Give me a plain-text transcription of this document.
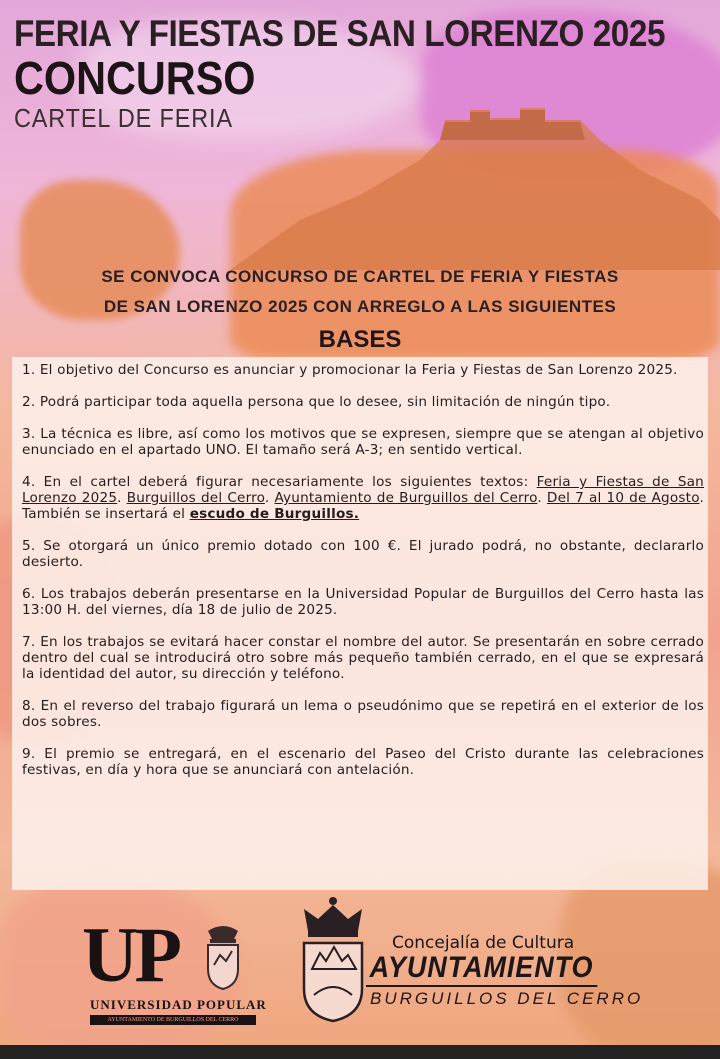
FERIA Y FIESTAS DE SAN LORENZO 2025
CONCURSO
CARTEL DE FERIA
SE CONVOCA CONCURSO DE CARTEL DE FERIA Y FIESTAS
DE SAN LORENZO 2025 CON ARREGLO A LAS SIGUIENTES
BASES

1. El objetivo del Concurso es anunciar y promocionar la Feria y Fiestas de San Lorenzo 2025.

2. Podrá participar toda aquella persona que lo desee, sin limitación de ningún tipo.

3. La técnica es libre, así como los motivos que se expresen, siempre que se atengan al objetivo enunciado en el apartado UNO. El tamaño será A-3; en sentido vertical.

4. En el cartel deberá figurar necesariamente los siguientes textos: Feria y Fiestas de San Lorenzo 2025. Burguillos del Cerro. Ayuntamiento de Burguillos del Cerro. Del 7 al 10 de Agosto. También se insertará el escudo de Burguillos.

5. Se otorgará un único premio dotado con 100 €. El jurado podrá, no obstante, declararlo desierto.

6. Los trabajos deberán presentarse en la Universidad Popular de Burguillos del Cerro hasta las 13:00 H. del viernes, día 18 de julio de 2025.

7. En los trabajos se evitará hacer constar el nombre del autor. Se presentarán en sobre cerrado dentro del cual se introducirá otro sobre más pequeño también cerrado, en el que se expresará la identidad del autor, su dirección y teléfono.

8. En el reverso del trabajo figurará un lema o pseudónimo que se repetirá en el exterior de los dos sobres.

9. El premio se entregará, en el escenario del Paseo del Cristo durante las celebraciones festivas, en día y hora que se anunciará con antelación.

UP
UNIVERSIDAD POPULAR
AYUNTAMIENTO DE BURGUILLOS DEL CERRO
Concejalía de Cultura
AYUNTAMIENTO
BURGUILLOS DEL CERRO
